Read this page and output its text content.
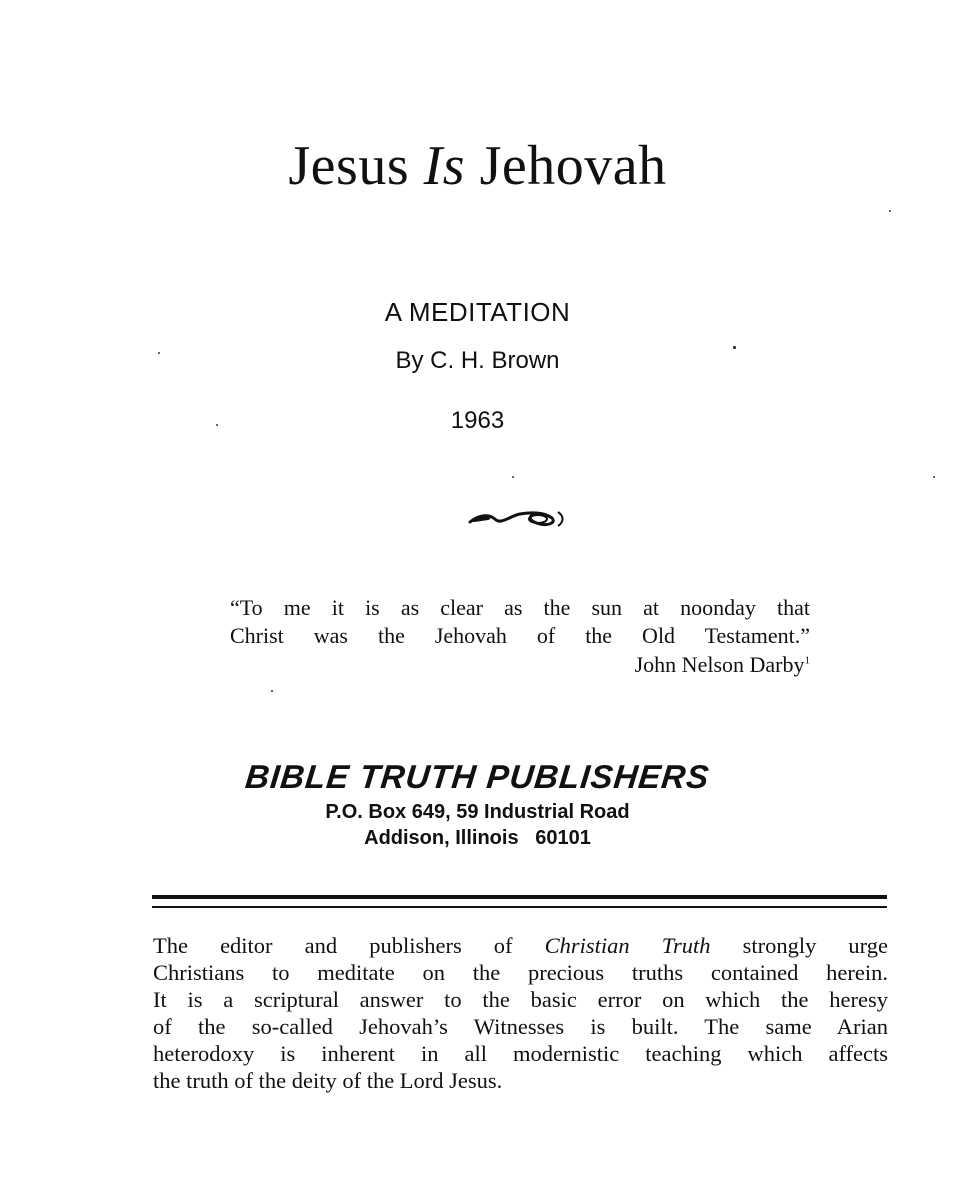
Jesus Is Jehovah
A MEDITATION
By C. H. Brown
1963
“To me it is as clear as the sun at noonday that
Christ was the Jehovah of the Old Testament.”
John Nelson Darby$^1$
BIBLE TRUTH PUBLISHERS
P.O. Box 649, 59 Industrial Road
Addison, Illinois   60101
The editor and publishers of Christian Truth strongly urge
Christians to meditate on the precious truths contained herein.
It is a scriptural answer to the basic error on which the heresy
of the so-called Jehovah’s Witnesses is built. The same Arian
heterodoxy is inherent in all modernistic teaching which affects
the truth of the deity of the Lord Jesus.
